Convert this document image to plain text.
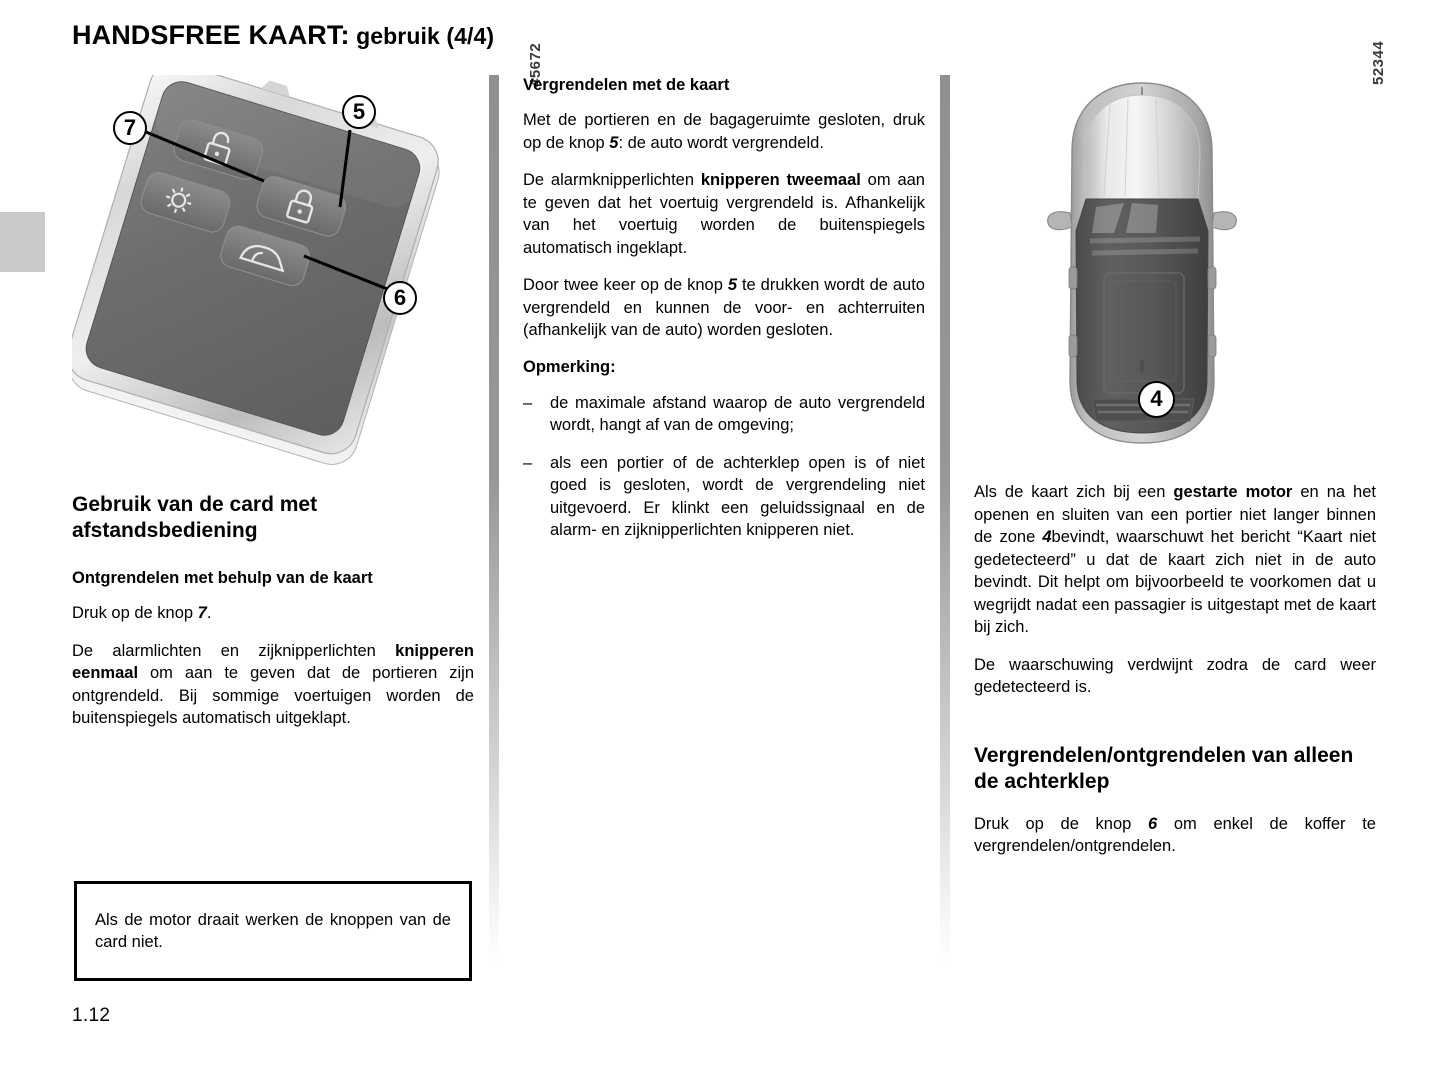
HANDSFREE KAART: gebruik (4/4)
7
5
6
45672
Gebruik van de card met afstandsbediening
Ontgrendelen met behulp van de kaart

Druk op de knop 7.

De alarmlichten en zijknipperlichten knipperen eenmaal om aan te geven dat de portieren zijn ontgrendeld. Bij sommige voertuigen worden de buitenspiegels automatisch uitgeklapt.

Als de motor draait werken de knoppen van de card niet.

Vergrendelen met de kaart

Met de portieren en de bagageruimte gesloten, druk op de knop 5: de auto wordt vergrendeld.

De alarmknipperlichten knipperen tweemaal om aan te geven dat het voertuig vergrendeld is. Afhankelijk van het voertuig worden de buitenspiegels automatisch ingeklapt.

Door twee keer op de knop 5 te drukken wordt de auto vergrendeld en kunnen de voor- en achterruiten (afhankelijk van de auto) worden gesloten.

Opmerking:
– de maximale afstand waarop de auto vergrendeld wordt, hangt af van de omgeving;
– als een portier of de achterklep open is of niet goed is gesloten, wordt de vergrendeling niet uitgevoerd. Er klinkt een geluidssignaal en de alarm- en zijknipperlichten knipperen niet.
4
52344

Als de kaart zich bij een gestarte motor en na het openen en sluiten van een portier niet langer binnen de zone 4bevindt, waarschuwt het bericht “Kaart niet gedetecteerd” u dat de kaart zich niet in de auto bevindt. Dit helpt om bijvoorbeeld te voorkomen dat u wegrijdt nadat een passagier is uitgestapt met de kaart bij zich.

De waarschuwing verdwijnt zodra de card weer gedetecteerd is.

Vergrendelen/ontgrendelen van alleen de achterklep

Druk op de knop 6 om enkel de koffer te vergrendelen/ontgrendelen.

1.12
